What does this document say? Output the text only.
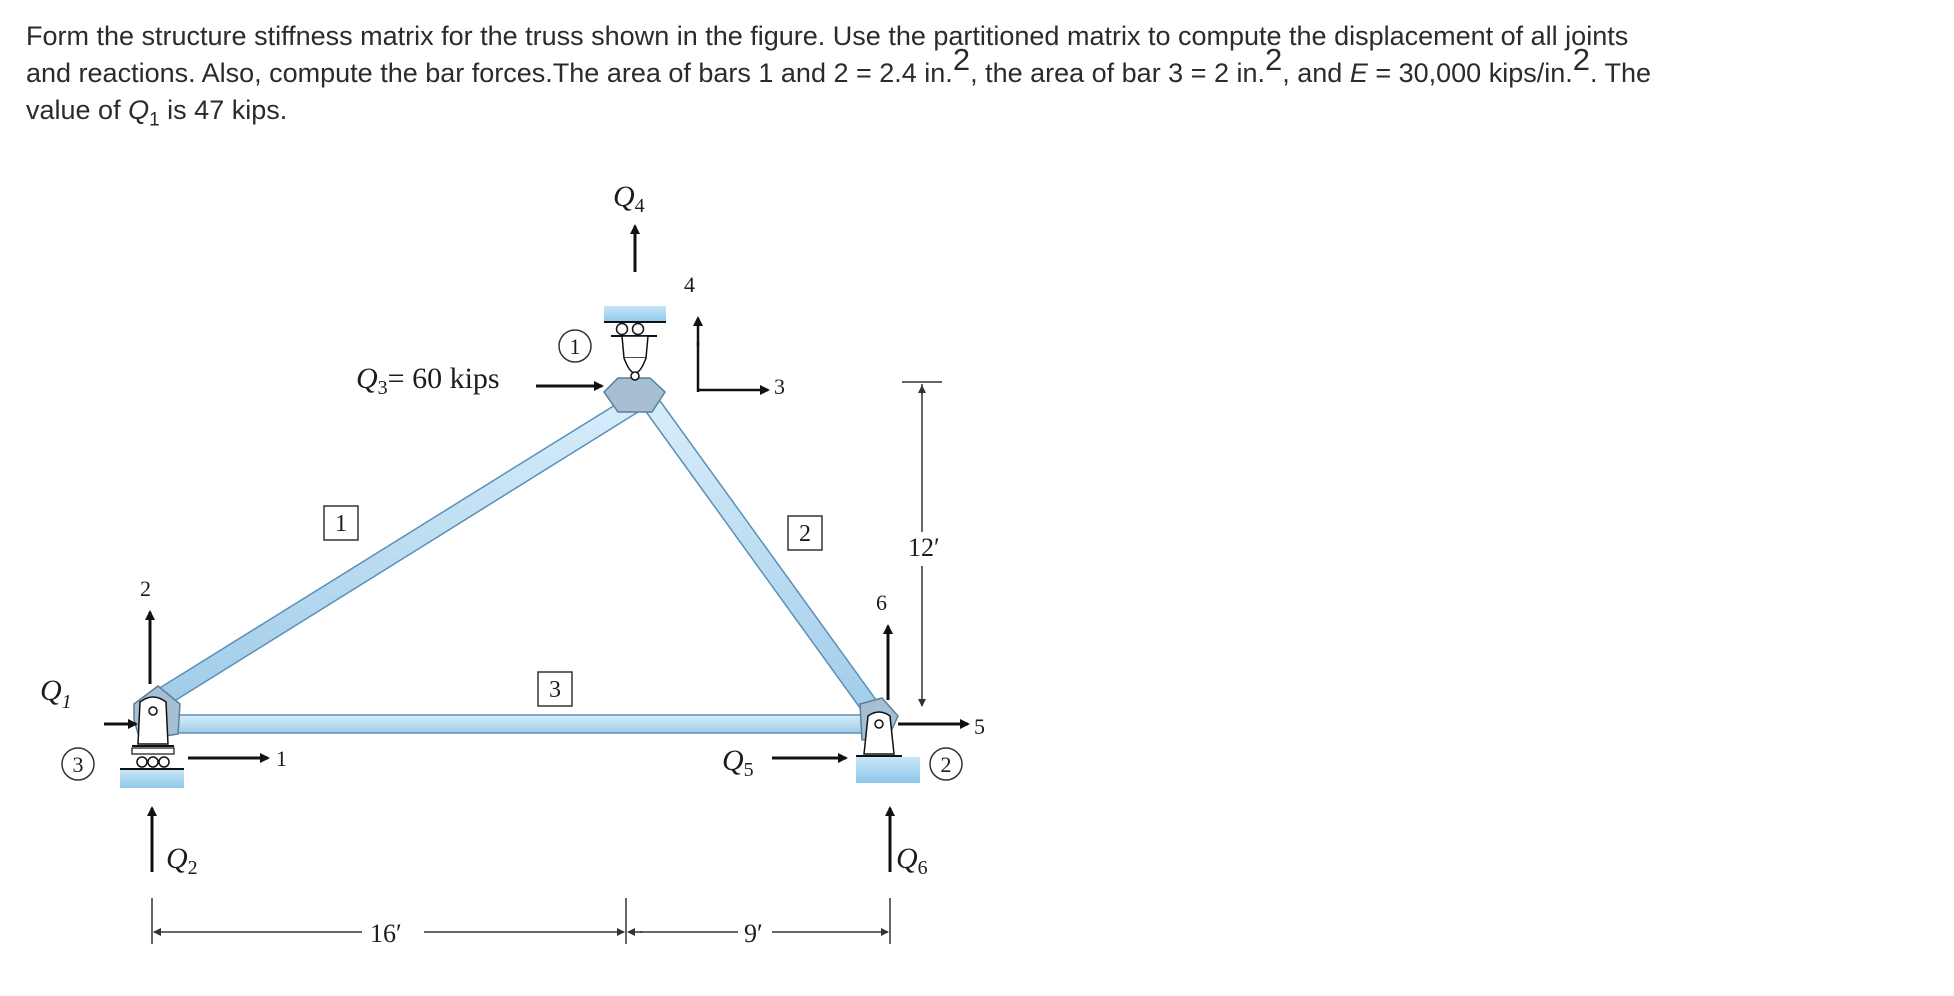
Form the structure stiffness matrix for the truss shown in the figure. Use the partitioned matrix to compute the displacement of all joints
and reactions. Also, compute the bar forces.The area of bars 1 and 2 = 2.4 in.$^2$, the area of bar 3 = 2 in.$^2$, and E = 30,000 kips/in.$^2$. The
value of $Q_1$ is 47 kips.
1
3	2
1	2
3
$Q_4$
$Q_3= 60$ kips
$Q_1$
$Q_2$
$Q_5$
$Q_6$
4
3
2
1
6
5
12′
16′	9′
